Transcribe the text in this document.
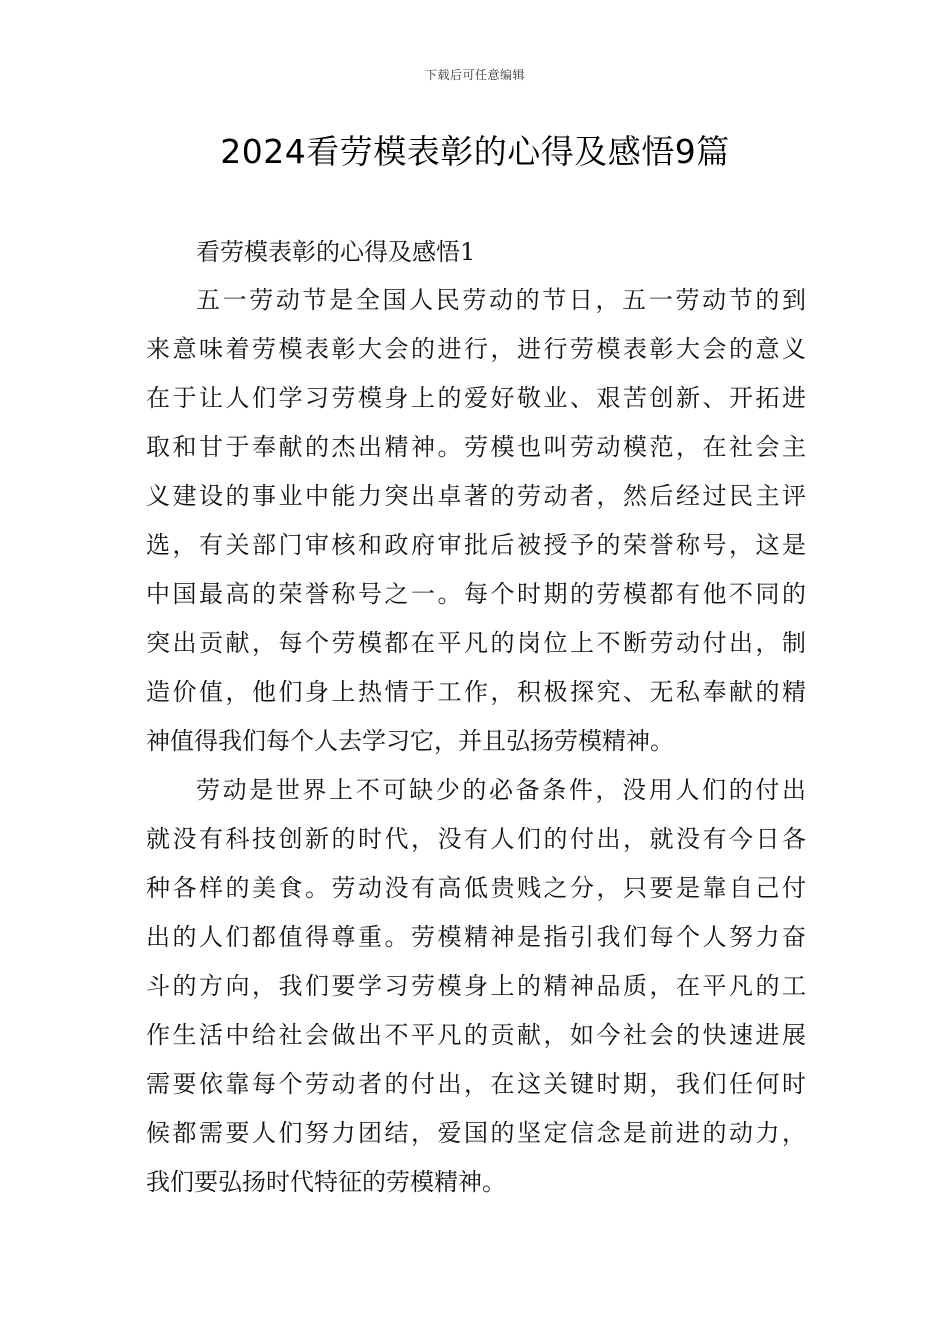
下载后可任意编辑
2024看劳模表彰的心得及感悟9篇
看劳模表彰的心得及感悟1

五一劳动节是全国人民劳动的节日，五一劳动节的到
来意味着劳模表彰大会的进行，进行劳模表彰大会的意义
在于让人们学习劳模身上的爱好敬业、艰苦创新、开拓进
取和甘于奉献的杰出精神。劳模也叫劳动模范，在社会主
义建设的事业中能力突出卓著的劳动者，然后经过民主评
选，有关部门审核和政府审批后被授予的荣誉称号，这是
中国最高的荣誉称号之一。每个时期的劳模都有他不同的
突出贡献，每个劳模都在平凡的岗位上不断劳动付出，制
造价值，他们身上热情于工作，积极探究、无私奉献的精
神值得我们每个人去学习它，并且弘扬劳模精神。

劳动是世界上不可缺少的必备条件，没用人们的付出
就没有科技创新的时代，没有人们的付出，就没有今日各
种各样的美食。劳动没有高低贵贱之分，只要是靠自己付
出的人们都值得尊重。劳模精神是指引我们每个人努力奋
斗的方向，我们要学习劳模身上的精神品质，在平凡的工
作生活中给社会做出不平凡的贡献，如今社会的快速进展
需要依靠每个劳动者的付出，在这关键时期，我们任何时
候都需要人们努力团结，爱国的坚定信念是前进的动力，
我们要弘扬时代特征的劳模精神。
